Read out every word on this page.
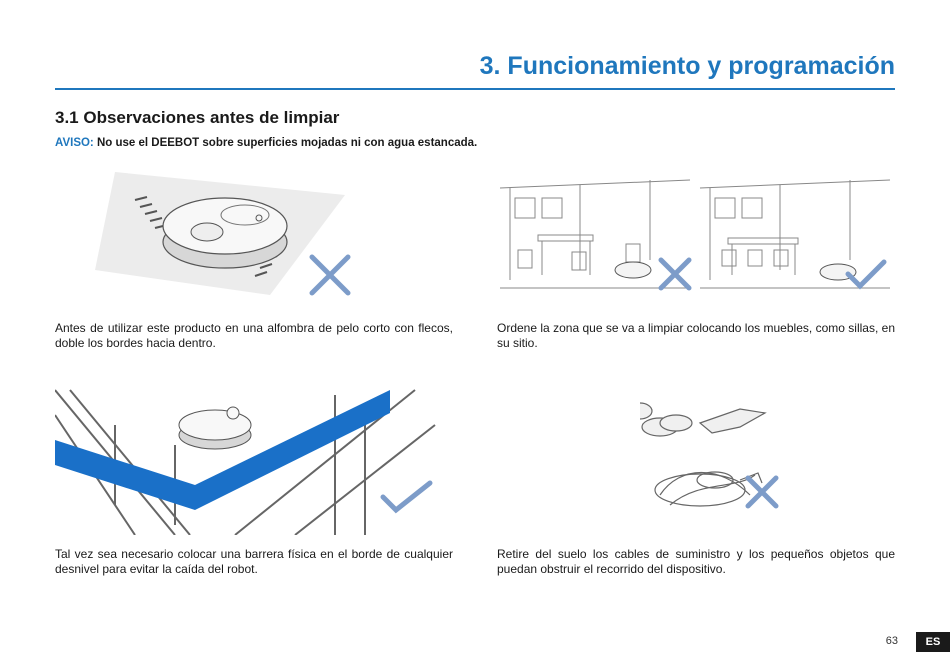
3. Funcionamiento y programación
3.1 Observaciones antes de limpiar
AVISO: No use el DEEBOT sobre superficies mojadas ni con agua estancada.
Antes de utilizar este producto en una alfombra de pelo corto con flecos, doble los bordes hacia dentro.
Ordene la zona que se va a limpiar colocando los muebles, como sillas, en su sitio.
Tal vez sea necesario colocar una barrera física en el borde de cualquier desnivel para evitar la caída del robot.
Retire del suelo los cables de suministro y los pequeños objetos que puedan obstruir el recorrido del dispositivo.
63	ES
